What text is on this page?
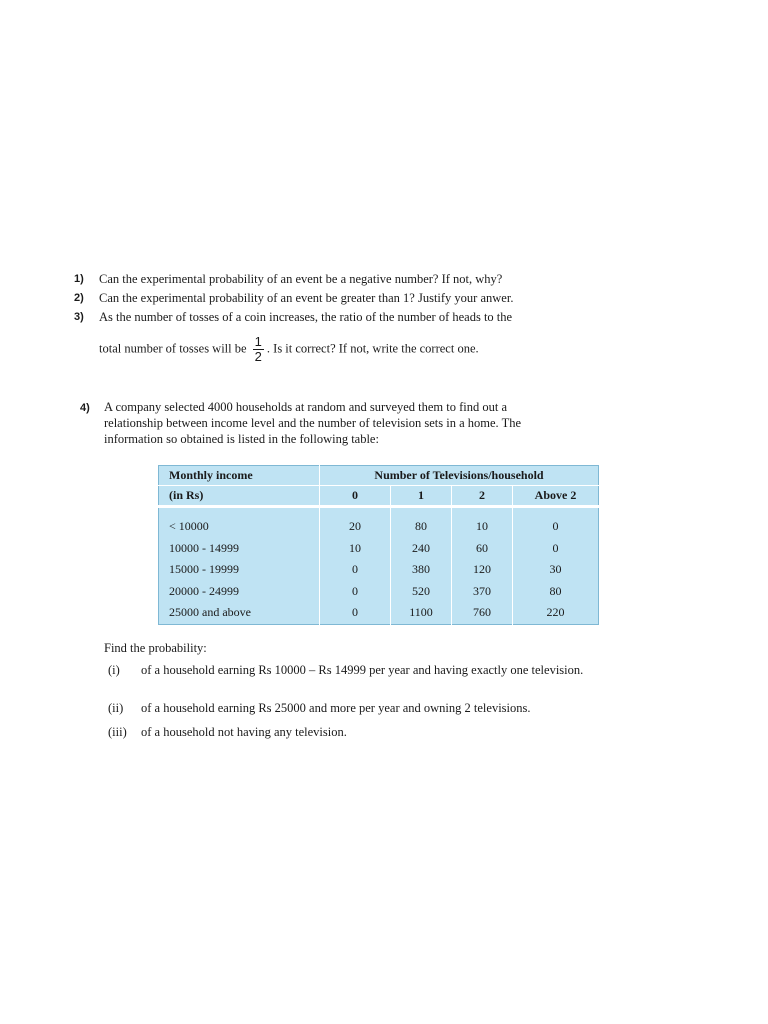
1) Can the experimental probability of an event be a negative number? If not, why?
2) Can the experimental probability of an event be greater than 1? Justify your anwer.
3) As the number of tosses of a coin increases, the ratio of the number of heads to the
total number of tosses will be $\frac{1}{2}$ . Is it correct? If not, write the correct one.
4) A company selected 4000 households at random and surveyed them to find out a
relationship between income level and the number of television sets in a home. The
information so obtained is listed in the following table:
Monthly income	Number of Televisions/household			
(in Rs)	0	1	2	Above 2

< 10000	20	80	10	0
10000 - 14999	10	240	60	0
15000 - 19999	0	380	120	30
20000 - 24999	0	520	370	80
25000 and above	0	1100	760	220
Find the probability:
(i) of a household earning Rs 10000 – Rs 14999 per year and having exactly one television.
(ii) of a household earning Rs 25000 and more per year and owning 2 televisions.
(iii) of a household not having any television.
